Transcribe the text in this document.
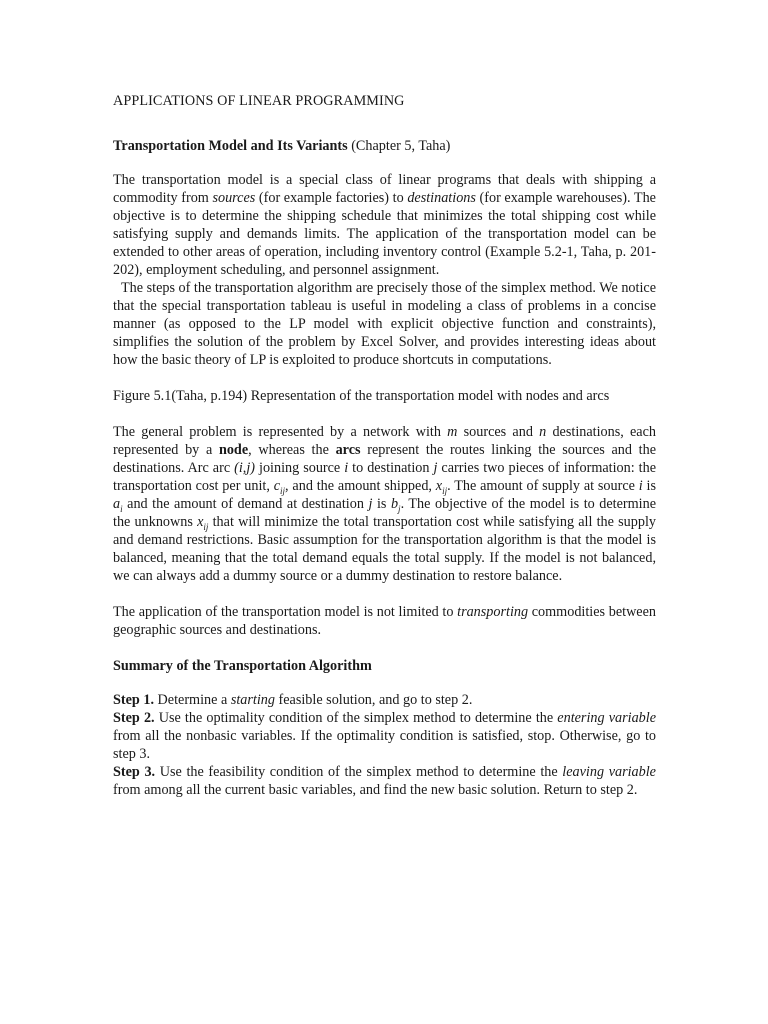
APPLICATIONS OF LINEAR PROGRAMMING
Transportation Model and Its Variants (Chapter 5, Taha)

The transportation model is a special class of linear programs that deals with shipping a commodity from sources (for example factories) to destinations (for example warehouses). The objective is to determine the shipping schedule that minimizes the total shipping cost while satisfying supply and demands limits. The application of the transportation model can be extended to other areas of operation, including inventory control (Example 5.2-1, Taha, p. 201-202), employment scheduling, and personnel assignment.

The steps of the transportation algorithm are precisely those of the simplex method. We notice that the special transportation tableau is useful in modeling a class of problems in a concise manner (as opposed to the LP model with explicit objective function and constraints), simplifies the solution of the problem by Excel Solver, and provides interesting ideas about how the basic theory of LP is exploited to produce shortcuts in computations.

Figure 5.1(Taha, p.194) Representation of the transportation model with nodes and arcs

The general problem is represented by a network with m sources and n destinations, each represented by a node, whereas the arcs represent the routes linking the sources and the destinations. Arc arc (i,j) joining source i to destination j carries two pieces of information: the transportation cost per unit, $c_{ij}$, and the amount shipped, $x_{ij}$. The amount of supply at source i is $a_i$ and the amount of demand at destination j is $b_j$. The objective of the model is to determine the unknowns $x_{ij}$ that will minimize the total transportation cost while satisfying all the supply and demand restrictions. Basic assumption for the transportation algorithm is that the model is balanced, meaning that the total demand equals the total supply. If the model is not balanced, we can always add a dummy source or a dummy destination to restore balance.

The application of the transportation model is not limited to transporting commodities between geographic sources and destinations.

Summary of the Transportation Algorithm

Step 1. Determine a starting feasible solution, and go to step 2.

Step 2. Use the optimality condition of the simplex method to determine the entering variable from all the nonbasic variables. If the optimality condition is satisfied, stop. Otherwise, go to step 3.

Step 3. Use the feasibility condition of the simplex method to determine the leaving variable from among all the current basic variables, and find the new basic solution. Return to step 2.
